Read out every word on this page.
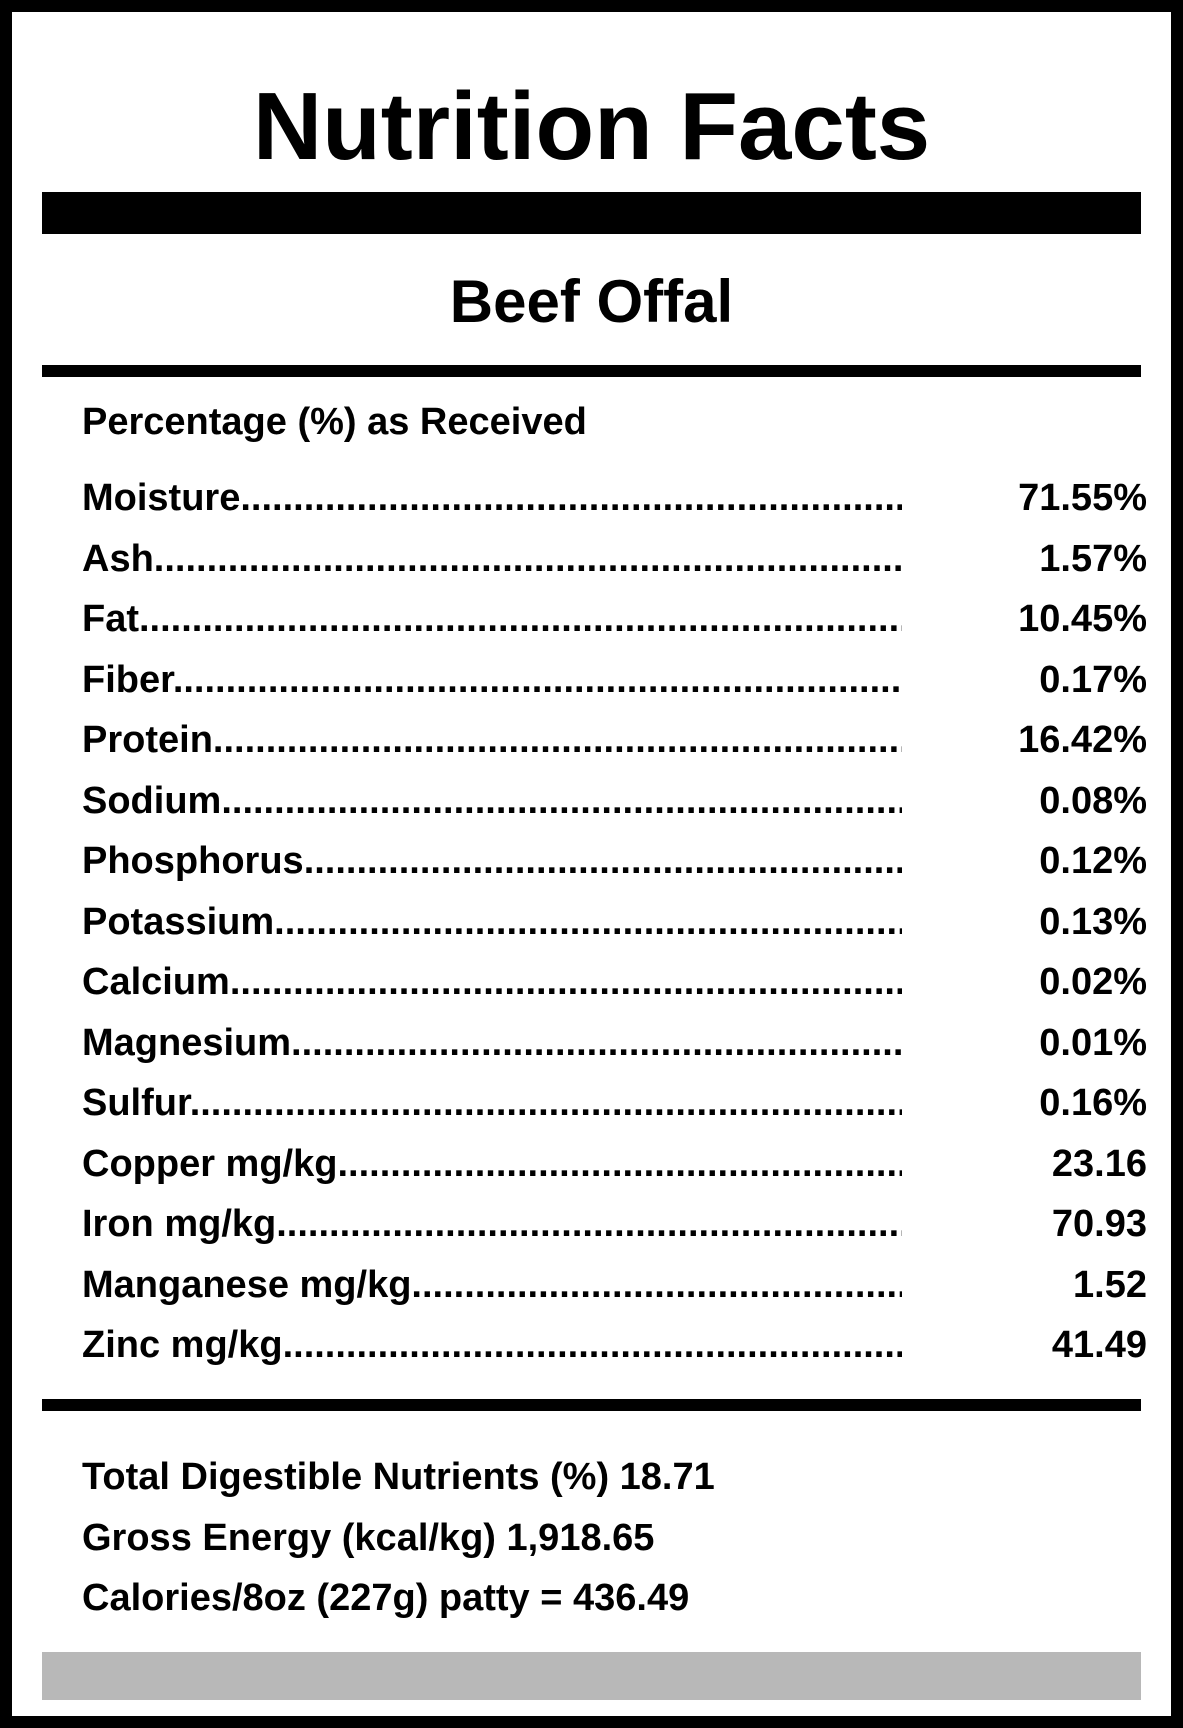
Nutrition Facts
Beef Offal
Percentage (%) as Received
Moisture .....	71.55%
Ash .....	1.57%
Fat .....	10.45%
Fiber .....	0.17%
Protein .....	16.42%
Sodium .....	0.08%
Phosphorus .....	0.12%
Potassium .....	0.13%
Calcium .....	0.02%
Magnesium .....	0.01%
Sulfur .....	0.16%
Copper mg/kg .....	23.16
Iron mg/kg .....	70.93
Manganese mg/kg .....	1.52
Zinc mg/kg .....	41.49
Total Digestible Nutrients (%) 18.71
Gross Energy (kcal/kg) 1,918.65
Calories/8oz (227g) patty = 436.49
